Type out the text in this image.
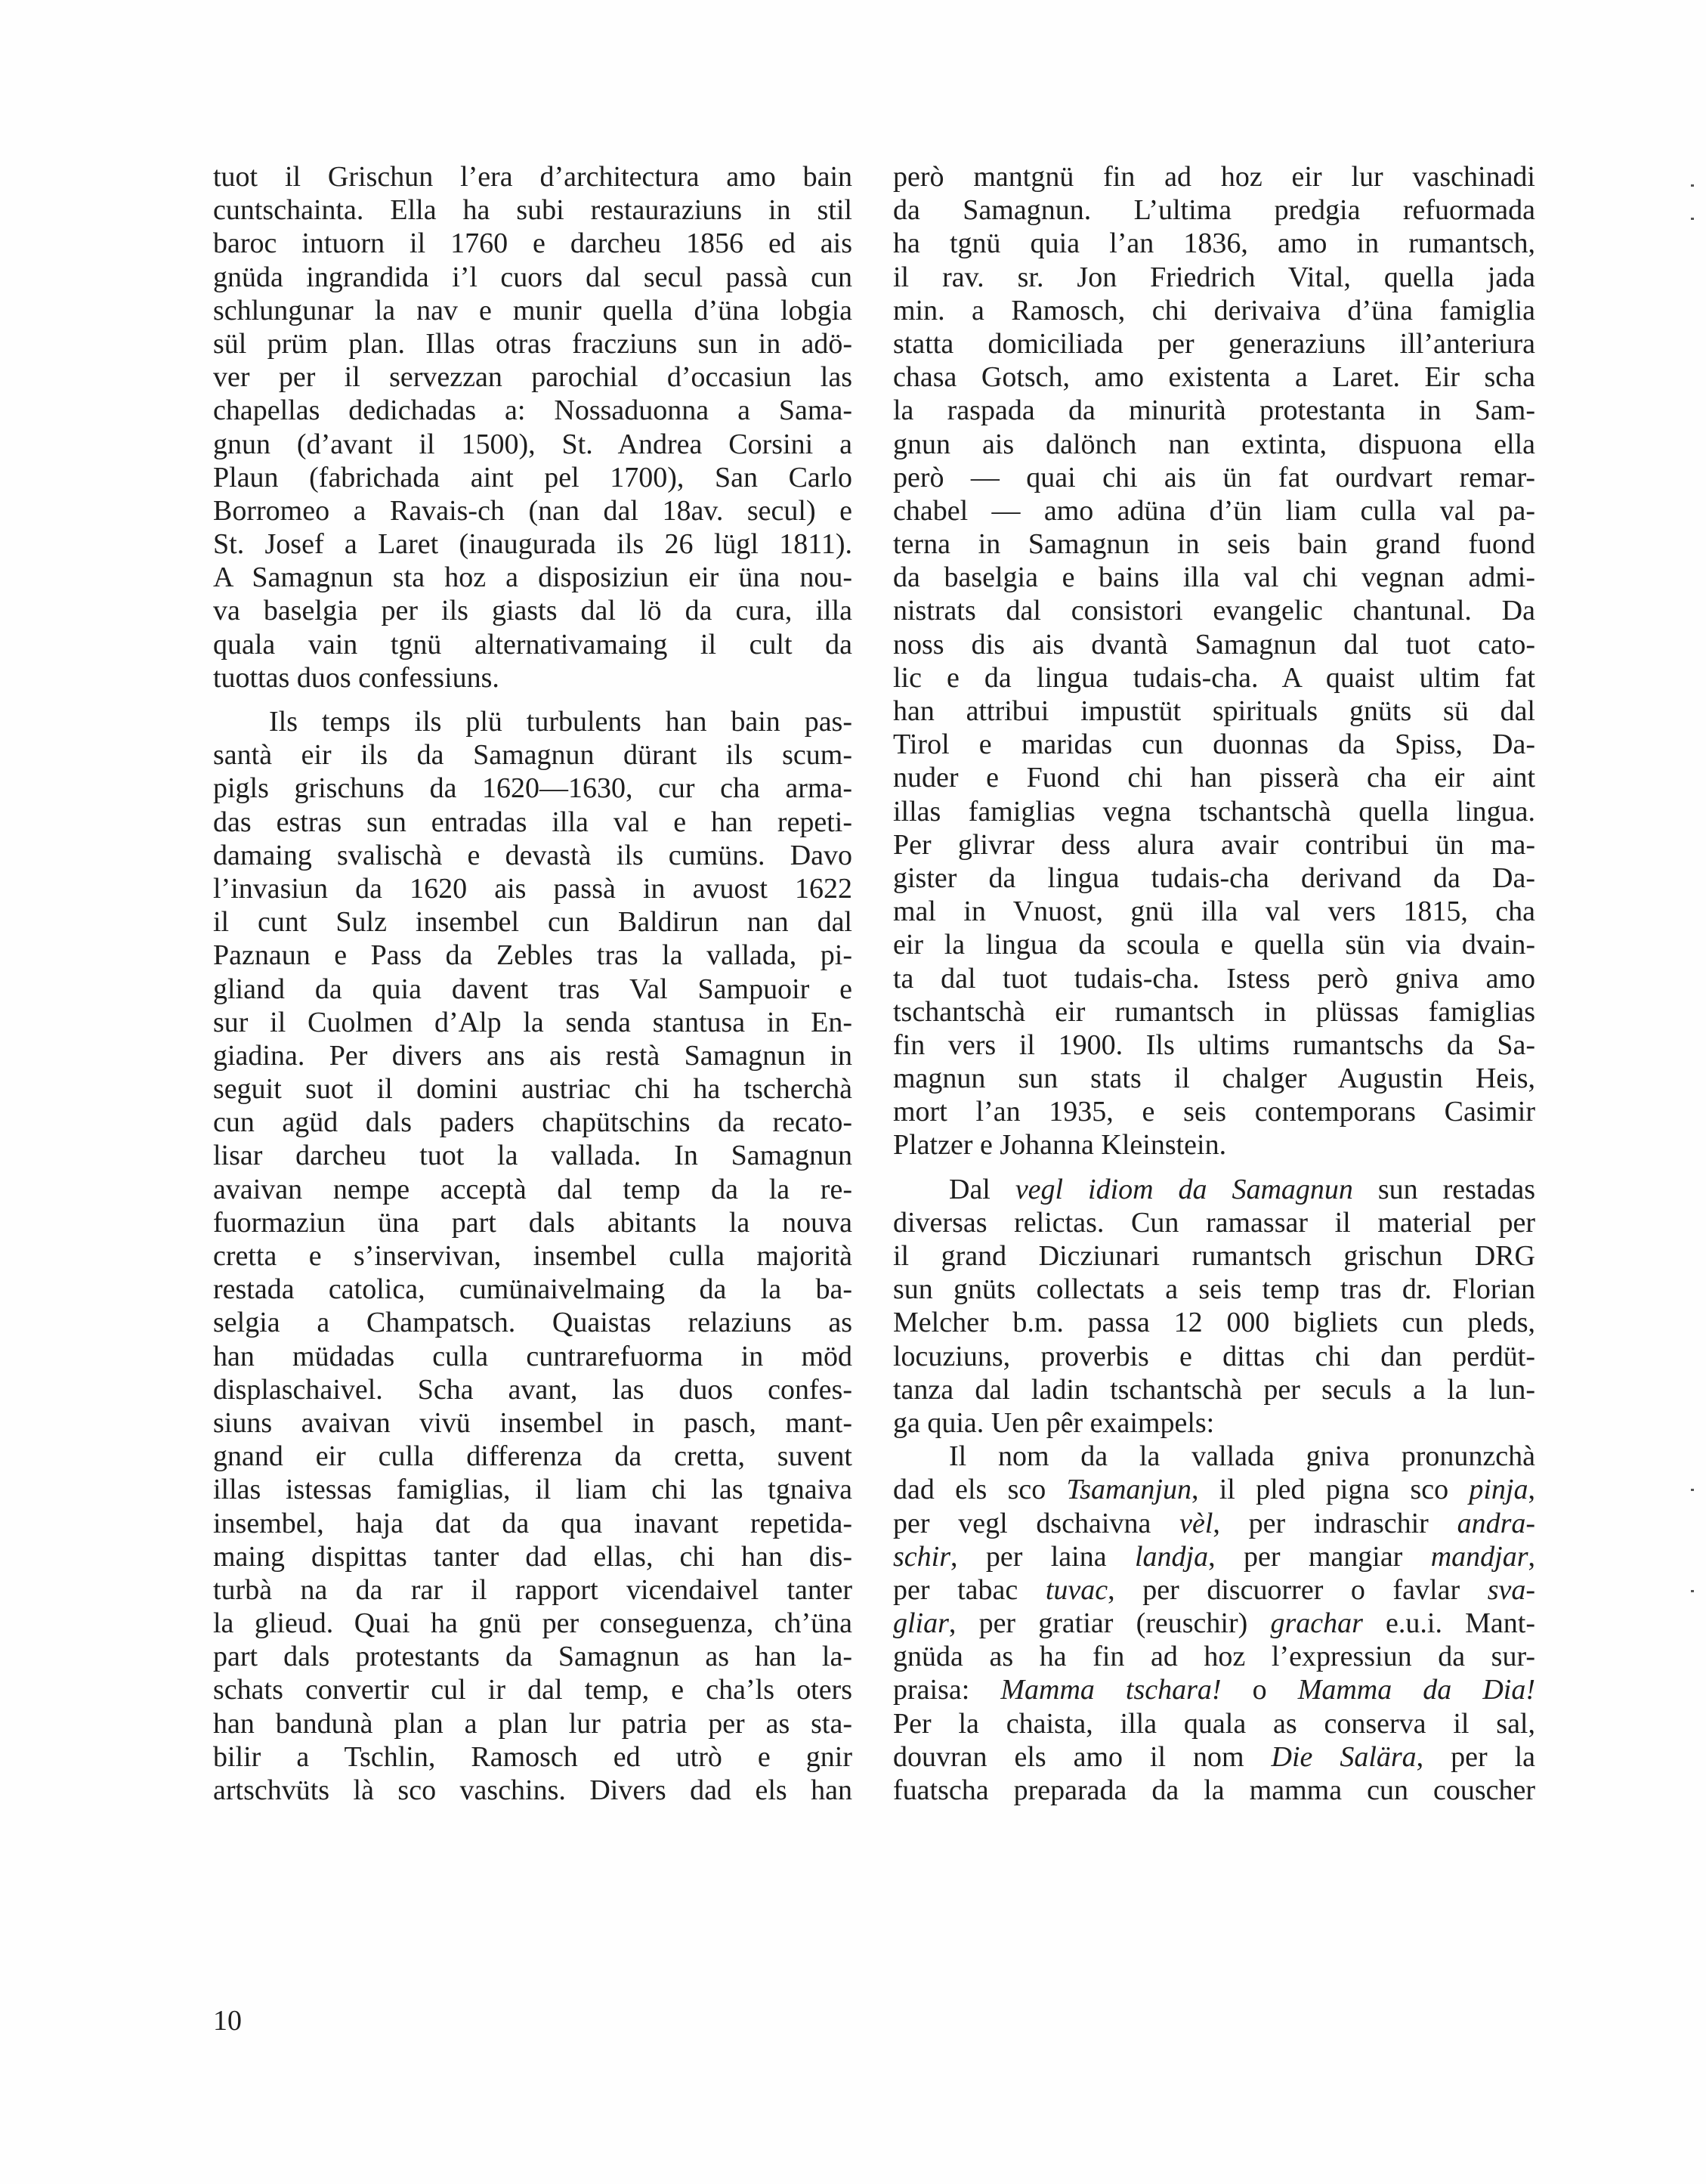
tuot il Grischun l’era d’architectura amo bain
cuntschainta. Ella ha subi restauraziuns in stil
baroc intuorn il 1760 e darcheu 1856 ed ais
gnüda ingrandida i’l cuors dal secul passà cun
schlungunar la nav e munir quella d’üna lobgia
sül prüm plan. Illas otras fracziuns sun in adö-
ver per il servezzan parochial d’occasiun las
chapellas dedichadas a: Nossaduonna a Sama-
gnun (d’avant il 1500), St. Andrea Corsini a
Plaun (fabrichada aint pel 1700), San Carlo
Borromeo a Ravais-ch (nan dal 18av. secul) e
St. Josef a Laret (inaugurada ils 26 lügl 1811).
A Samagnun sta hoz a disposiziun eir üna nou-
va baselgia per ils giasts dal lö da cura, illa
quala vain tgnü alternativamaing il cult da
tuottas duos confessiuns.
Ils temps ils plü turbulents han bain pas-
santà eir ils da Samagnun dürant ils scum-
pigls grischuns da 1620—1630, cur cha arma-
das estras sun entradas illa val e han repeti-
damaing svalischà e devastà ils cumüns. Davo
l’invasiun da 1620 ais passà in avuost 1622
il cunt Sulz insembel cun Baldirun nan dal
Paznaun e Pass da Zebles tras la vallada, pi-
gliand da quia davent tras Val Sampuoir e
sur il Cuolmen d’Alp la senda stantusa in En-
giadina. Per divers ans ais restà Samagnun in
seguit suot il domini austriac chi ha tscherchà
cun agüd dals paders chapütschins da recato-
lisar darcheu tuot la vallada. In Samagnun
avaivan nempe acceptà dal temp da la re-
fuormaziun üna part dals abitants la nouva
cretta e s’inservivan, insembel culla majorità
restada catolica, cumünaivelmaing da la ba-
selgia a Champatsch. Quaistas relaziuns as
han müdadas culla cuntrarefuorma in möd
displaschaivel. Scha avant, las duos confes-
siuns avaivan vivü insembel in pasch, mant-
gnand eir culla differenza da cretta, suvent
illas istessas famiglias, il liam chi las tgnaiva
insembel, haja dat da qua inavant repetida-
maing dispittas tanter dad ellas, chi han dis-
turbà na da rar il rapport vicendaivel tanter
la glieud. Quai ha gnü per conseguenza, ch’üna
part dals protestants da Samagnun as han la-
schats convertir cul ir dal temp, e cha’ls oters
han bandunà plan a plan lur patria per as sta-
bilir a Tschlin, Ramosch ed utrò e gnir
artschvüts là sco vaschins. Divers dad els han
però mantgnü fin ad hoz eir lur vaschinadi
da Samagnun. L’ultima predgia refuormada
ha tgnü quia l’an 1836, amo in rumantsch,
il rav. sr. Jon Friedrich Vital, quella jada
min. a Ramosch, chi derivaiva d’üna famiglia
statta domiciliada per generaziuns ill’anteriura
chasa Gotsch, amo existenta a Laret. Eir scha
la raspada da minurità protestanta in Sam-
gnun ais dalönch nan extinta, dispuona ella
però — quai chi ais ün fat ourdvart remar-
chabel — amo adüna d’ün liam culla val pa-
terna in Samagnun in seis bain grand fuond
da baselgia e bains illa val chi vegnan admi-
nistrats dal consistori evangelic chantunal. Da
noss dis ais dvantà Samagnun dal tuot cato-
lic e da lingua tudais-cha. A quaist ultim fat
han attribui impustüt spirituals gnüts sü dal
Tirol e maridas cun duonnas da Spiss, Da-
nuder e Fuond chi han pisserà cha eir aint
illas famiglias vegna tschantschà quella lingua.
Per glivrar dess alura avair contribui ün ma-
gister da lingua tudais-cha derivand da Da-
mal in Vnuost, gnü illa val vers 1815, cha
eir la lingua da scoula e quella sün via dvain-
ta dal tuot tudais-cha. Istess però gniva amo
tschantschà eir rumantsch in plüssas famiglias
fin vers il 1900. Ils ultims rumantschs da Sa-
magnun sun stats il chalger Augustin Heis,
mort l’an 1935, e seis contemporans Casimir
Platzer e Johanna Kleinstein.
Dal vegl idiom da Samagnun sun restadas
diversas relictas. Cun ramassar il material per
il grand Dicziunari rumantsch grischun DRG
sun gnüts collectats a seis temp tras dr. Florian
Melcher b.m. passa 12 000 bigliets cun pleds,
locuziuns, proverbis e dittas chi dan perdüt-
tanza dal ladin tschantschà per seculs a la lun-
ga quia. Uen pêr exaimpels:
Il nom da la vallada gniva pronunzchà
dad els sco Tsamanjun, il pled pigna sco pinja,
per vegl dschaivna vèl, per indraschir andra-
schir, per laina landja, per mangiar mandjar,
per tabac tuvac, per discuorrer o favlar sva-
gliar, per gratiar (reuschir) grachar e.u.i. Mant-
gnüda as ha fin ad hoz l’expressiun da sur-
praisa: Mamma tschara! o Mamma da Dia!
Per la chaista, illa quala as conserva il sal,
douvran els amo il nom Die Salära, per la
fuatscha preparada da la mamma cun couscher
10
